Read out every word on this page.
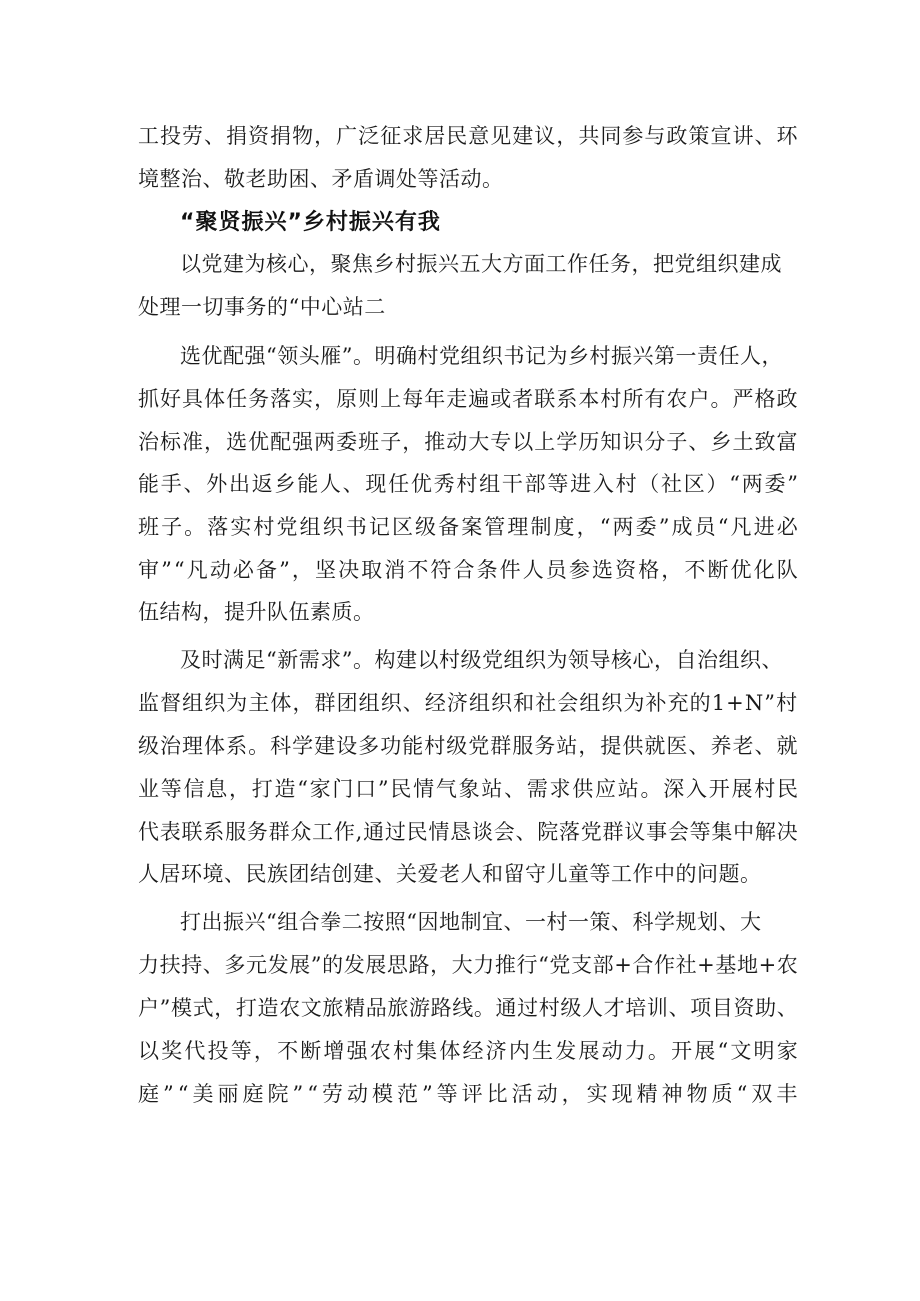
工投劳、捐资捐物，广泛征求居民意见建议，共同参与政策宣讲、环
境整治、敬老助困、矛盾调处等活动。
“聚贤振兴”乡村振兴有我
以党建为核心，聚焦乡村振兴五大方面工作任务，把党组织建成
处理一切事务的“中心站二
选优配强“领头雁”。明确村党组织书记为乡村振兴第一责任人，
抓好具体任务落实，原则上每年走遍或者联系本村所有农户。严格政
治标准，选优配强两委班子，推动大专以上学历知识分子、乡土致富
能手、外出返乡能人、现任优秀村组干部等进入村（社区）“两委”
班子。落实村党组织书记区级备案管理制度，“两委”成员“凡进必
审”“凡动必备”，坚决取消不符合条件人员参选资格，不断优化队
伍结构，提升队伍素质。
及时满足“新需求”。构建以村级党组织为领导核心，自治组织、
监督组织为主体，群团组织、经济组织和社会组织为补充的1+N”村
级治理体系。科学建设多功能村级党群服务站，提供就医、养老、就
业等信息，打造“家门口”民情气象站、需求供应站。深入开展村民
代表联系服务群众工作,通过民情恳谈会、院落党群议事会等集中解决
人居环境、民族团结创建、关爱老人和留守儿童等工作中的问题。
打出振兴“组合拳二按照“因地制宜、一村一策、科学规划、大
力扶持、多元发展”的发展思路，大力推行“党支部+合作社+基地+农
户”模式，打造农文旅精品旅游路线。通过村级人才培训、项目资助、
以奖代投等，不断增强农村集体经济内生发展动力。开展“文明家
庭”“美丽庭院”“劳动模范”等评比活动，实现精神物质“双丰
